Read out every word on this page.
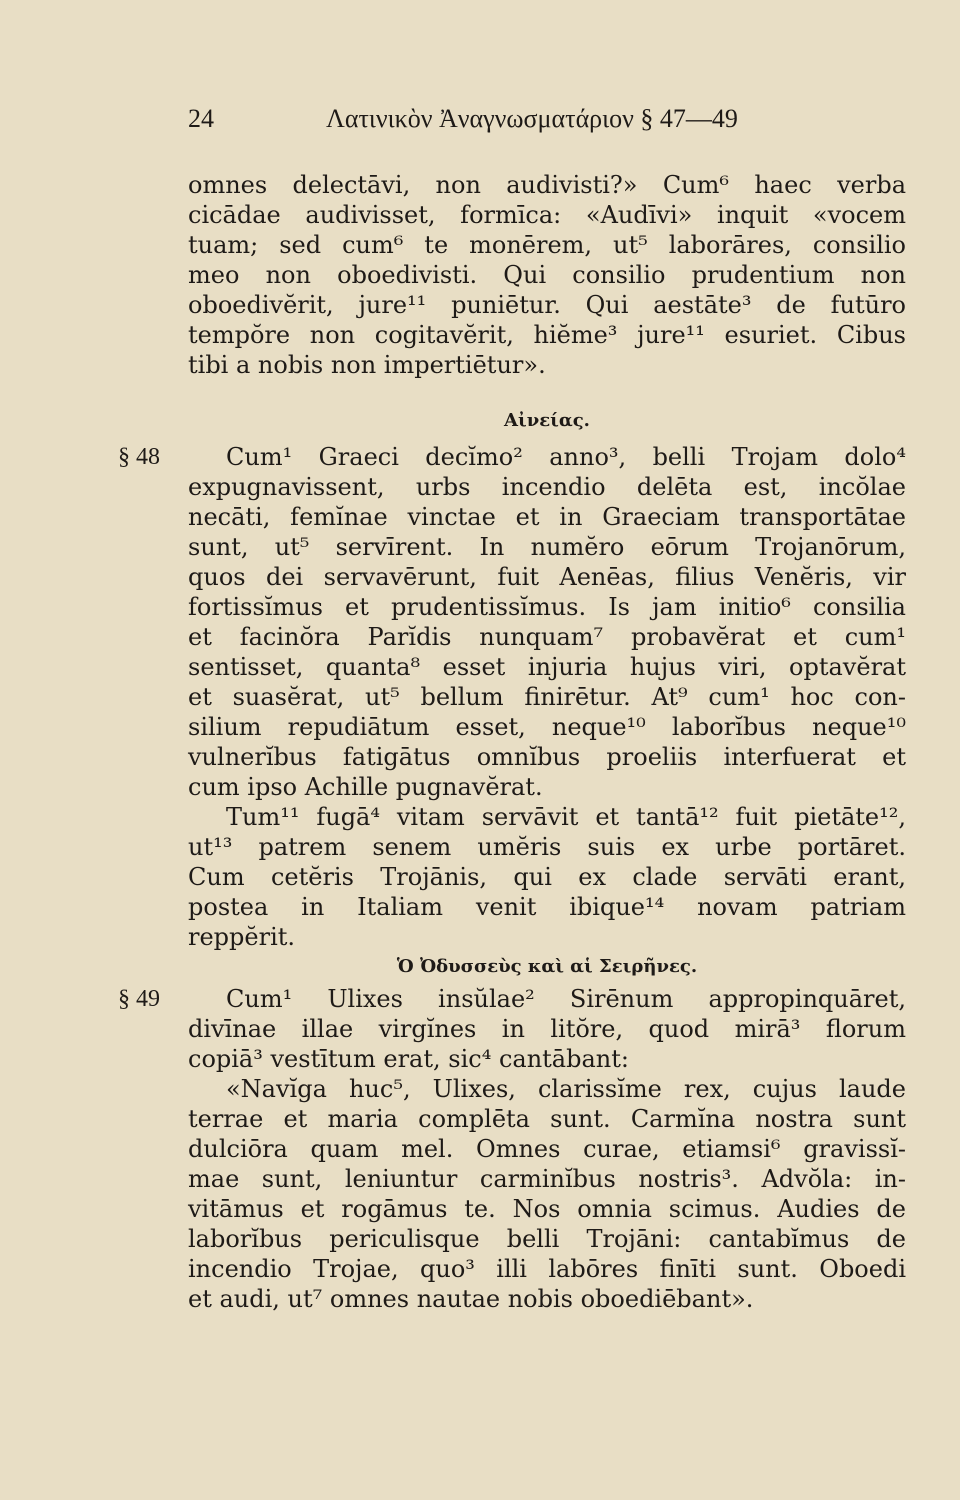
24	Λατινικὸν Ἀναγνωσματάριον § 47—49
omnes delectāvi, non audivisti?» Cum⁶ haec verba
cicādae audivisset, formīca: «Audīvi» inquit «vocem
tuam; sed cum⁶ te monērem, ut⁵ laborāres, consilio
meo non oboedivisti. Qui consilio prudentium non
oboedivĕrit, jure¹¹ puniētur. Qui aestāte³ de futūro
tempŏre non cogitavĕrit, hiĕme³ jure¹¹ esuriet. Cibus
tibi a nobis non impertiētur».
Αἰνείας.
§ 48	Cum¹ Graeci decĭmo² anno³, belli Trojam dolo⁴
expugnavissent, urbs incendio delēta est, incŏlae
necāti, femĭnae vinctae et in Graeciam transportātae
sunt, ut⁵ servīrent. In numĕro eōrum Trojanōrum,
quos dei servavērunt, fuit Aenēas, filius Venĕris, vir
fortissĭmus et prudentissĭmus. Is jam initio⁶ consilia
et facinŏra Parĭdis nunquam⁷ probavĕrat et cum¹
sentisset, quanta⁸ esset injuria hujus viri, optavĕrat
et suasĕrat, ut⁵ bellum finirētur. At⁹ cum¹ hoc con-
silium repudiātum esset, neque¹⁰ laborĭbus neque¹⁰
vulnerĭbus fatigātus omnĭbus proeliis interfuerat et
cum ipso Achille pugnavĕrat.
Tum¹¹ fugā⁴ vitam servāvit et tantā¹² fuit pietāte¹²,
ut¹³ patrem senem umĕris suis ex urbe portāret.
Cum cetĕris Trojānis, qui ex clade servāti erant,
postea in Italiam venit ibique¹⁴ novam patriam
reppĕrit.
Ὁ Ὀδυσσεὺς καὶ αἱ Σειρῆνες.
§ 49	Cum¹ Ulixes insŭlae² Sirēnum appropinquāret,
divīnae illae virgĭnes in litŏre, quod mirā³ florum
copiā³ vestītum erat, sic⁴ cantābant:
«Navĭga huc⁵, Ulixes, clarissĭme rex, cujus laude
terrae et maria complēta sunt. Carmĭna nostra sunt
dulciōra quam mel. Omnes curae, etiamsi⁶ gravissĭ-
mae sunt, leniuntur carminĭbus nostris³. Advŏla: in-
vitāmus et rogāmus te. Nos omnia scimus. Audies de
laborĭbus periculisque belli Trojāni: cantabĭmus de
incendio Trojae, quo³ illi labōres finīti sunt. Oboedi
et audi, ut⁷ omnes nautae nobis oboediēbant».
